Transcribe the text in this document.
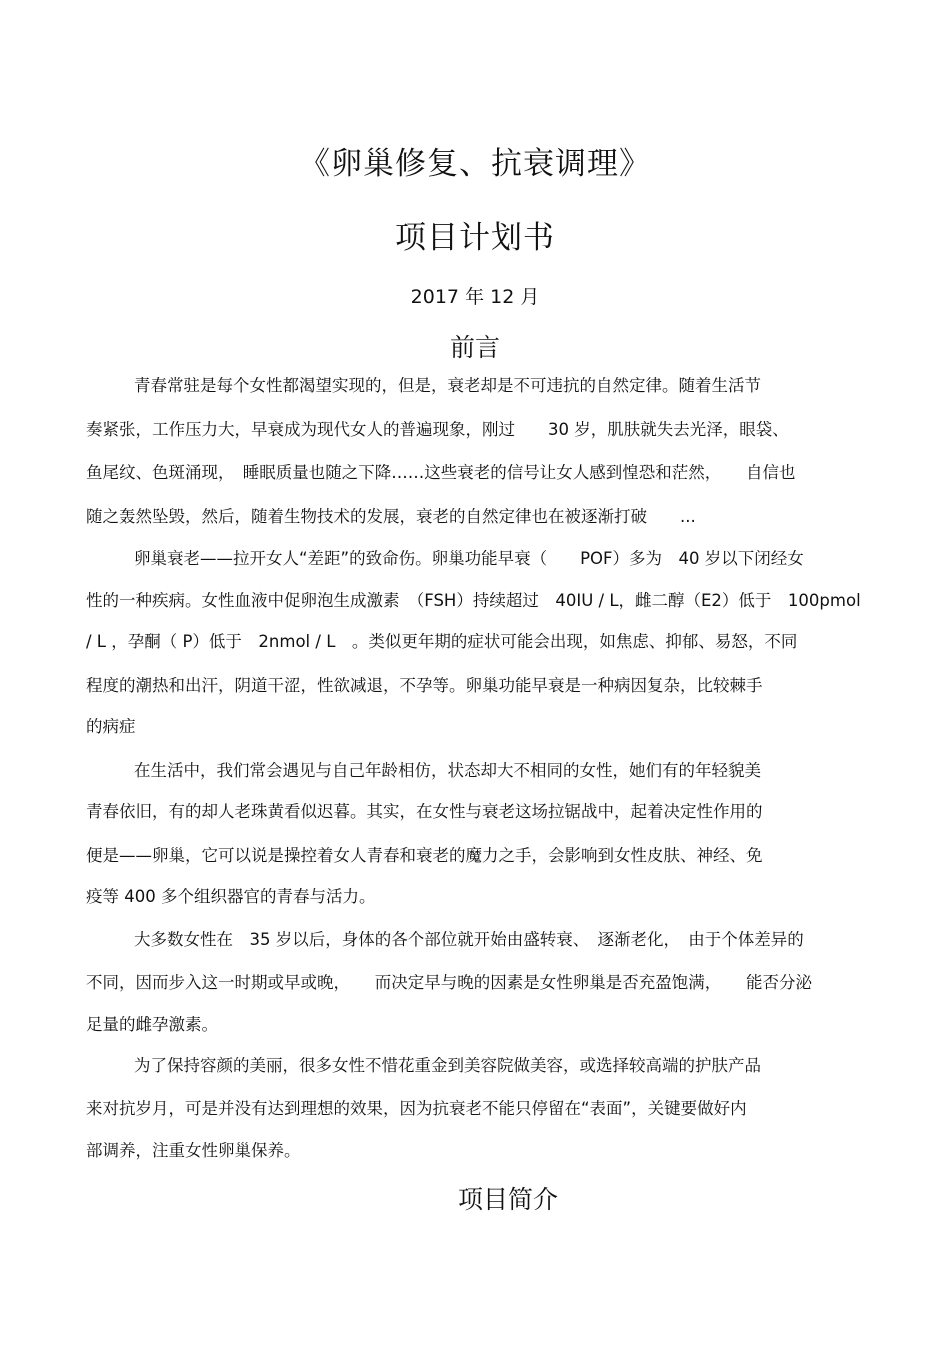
《卵巢修复、抗衰调理》
项目计划书
2017 年 12 月
前言
青春常驻是每个女性都渴望实现的，但是，衰老却是不可违抗的自然定律。随着生活节
奏紧张，工作压力大，早衰成为现代女人的普遍现象，刚过　　30 岁，肌肤就失去光泽，眼袋、
鱼尾纹、色斑涌现，　睡眠质量也随之下降……这些衰老的信号让女人感到惶恐和茫然，　　自信也
随之轰然坠毁，然后，随着生物技术的发展，衰老的自然定律也在被逐渐打破　　...
卵巢衰老——拉开女人“差距”的致命伤。卵巢功能早衰（　　POF）多为　40 岁以下闭经女
性的一种疾病。女性血液中促卵泡生成激素　（FSH）持续超过　40IU / L，雌二醇（E2）低于　100pmol
/ L ，孕酮（ P）低于　2nmol / L　。类似更年期的症状可能会出现，如焦虑、抑郁、易怒，不同
程度的潮热和出汗，阴道干涩，性欲减退，不孕等。卵巢功能早衰是一种病因复杂，比较棘手
的病症
在生活中，我们常会遇见与自己年龄相仿，状态却大不相同的女性，她们有的年轻貌美
青春依旧，有的却人老珠黄看似迟暮。其实，在女性与衰老这场拉锯战中，起着决定性作用的
便是——卵巢，它可以说是操控着女人青春和衰老的魔力之手，会影响到女性皮肤、神经、免
疫等 400 多个组织器官的青春与活力。
大多数女性在　35 岁以后，身体的各个部位就开始由盛转衰、　逐渐老化，　由于个体差异的
不同，因而步入这一时期或早或晚，　　而决定早与晚的因素是女性卵巢是否充盈饱满，　　能否分泌
足量的雌孕激素。
为了保持容颜的美丽，很多女性不惜花重金到美容院做美容，或选择较高端的护肤产品
来对抗岁月，可是并没有达到理想的效果，因为抗衰老不能只停留在“表面”，关键要做好内
部调养，注重女性卵巢保养。
项目简介
